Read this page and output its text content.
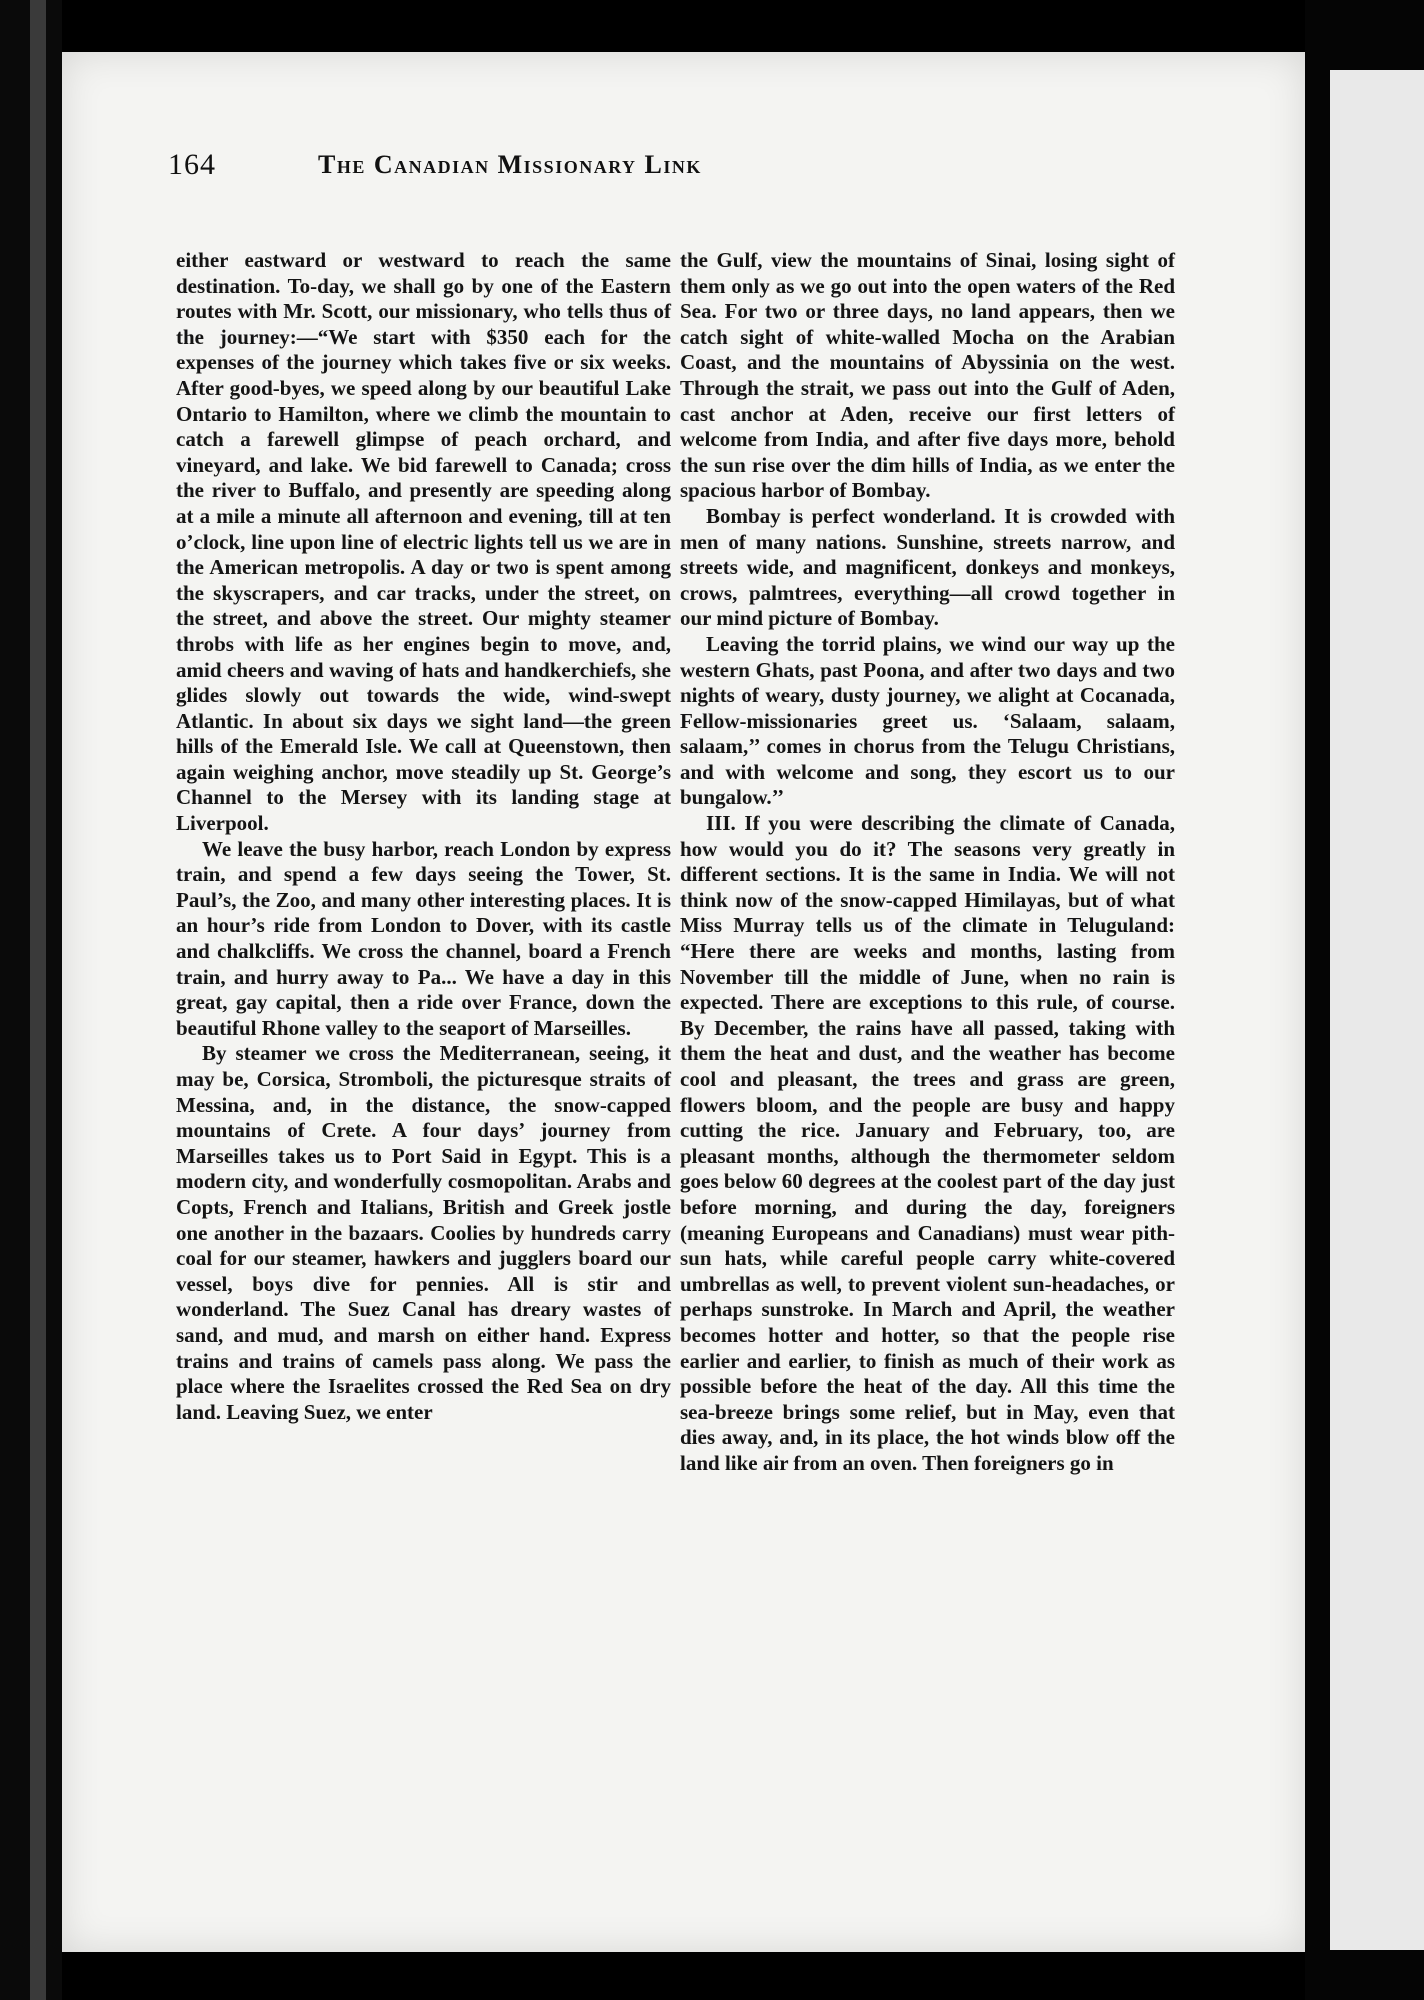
164	The Canadian Missionary Link

either eastward or westward to reach the same destination. To-day, we shall go by one of the Eastern routes with Mr. Scott, our missionary, who tells thus of the journey:—“We start with $350 each for the expenses of the journey which takes five or six weeks. After good-byes, we speed along by our beautiful Lake Ontario to Hamilton, where we climb the mountain to catch a farewell glimpse of peach orchard, and vineyard, and lake. We bid farewell to Canada; cross the river to Buffalo, and presently are speeding along at a mile a minute all afternoon and evening, till at ten o’clock, line upon line of electric lights tell us we are in the American metropolis. A day or two is spent among the skyscrapers, and car tracks, under the street, on the street, and above the street. Our mighty steamer throbs with life as her engines begin to move, and, amid cheers and waving of hats and handkerchiefs, she glides slowly out towards the wide, wind-swept Atlantic. In about six days we sight land—the green hills of the Emerald Isle. We call at Queenstown, then again weighing anchor, move steadily up St. George’s Channel to the Mersey with its landing stage at Liverpool.

We leave the busy harbor, reach London by express train, and spend a few days seeing the Tower, St. Paul’s, the Zoo, and many other interesting places. It is an hour’s ride from London to Dover, with its castle and chalkcliffs. We cross the channel, board a French train, and hurry away to Pa... We have a day in this great, gay capital, then a ride over France, down the beautiful Rhone valley to the seaport of Marseilles.

By steamer we cross the Mediterranean, seeing, it may be, Corsica, Stromboli, the picturesque straits of Messina, and, in the distance, the snow-capped mountains of Crete. A four days’ journey from Marseilles takes us to Port Said in Egypt. This is a modern city, and wonderfully cosmopolitan. Arabs and Copts, French and Italians, British and Greek jostle one another in the bazaars. Coolies by hundreds carry coal for our steamer, hawkers and jugglers board our vessel, boys dive for pennies. All is stir and wonderland. The Suez Canal has dreary wastes of sand, and mud, and marsh on either hand. Express trains and trains of camels pass along. We pass the place where the Israelites crossed the Red Sea on dry land. Leaving Suez, we enter

the Gulf, view the mountains of Sinai, losing sight of them only as we go out into the open waters of the Red Sea. For two or three days, no land appears, then we catch sight of white-walled Mocha on the Arabian Coast, and the mountains of Abyssinia on the west. Through the strait, we pass out into the Gulf of Aden, cast anchor at Aden, receive our first letters of welcome from India, and after five days more, behold the sun rise over the dim hills of India, as we enter the spacious harbor of Bombay.

Bombay is perfect wonderland. It is crowded with men of many nations. Sunshine, streets narrow, and streets wide, and magnificent, donkeys and monkeys, crows, palmtrees, everything—all crowd together in our mind picture of Bombay.

Leaving the torrid plains, we wind our way up the western Ghats, past Poona, and after two days and two nights of weary, dusty journey, we alight at Cocanada, Fellow-missionaries greet us. ‘Salaam, salaam, salaam,’’ comes in chorus from the Telugu Christians, and with welcome and song, they escort us to our bungalow.’’

III. If you were describing the climate of Canada, how would you do it? The seasons very greatly in different sections. It is the same in India. We will not think now of the snow-capped Himilayas, but of what Miss Murray tells us of the climate in Teluguland: “Here there are weeks and months, lasting from November till the middle of June, when no rain is expected. There are exceptions to this rule, of course. By December, the rains have all passed, taking with them the heat and dust, and the weather has become cool and pleasant, the trees and grass are green, flowers bloom, and the people are busy and happy cutting the rice. January and February, too, are pleasant months, although the thermometer seldom goes below 60 degrees at the coolest part of the day just before morning, and during the day, foreigners (meaning Europeans and Canadians) must wear pith-sun hats, while careful people carry white-covered umbrellas as well, to prevent violent sun-headaches, or perhaps sunstroke. In March and April, the weather becomes hotter and hotter, so that the people rise earlier and earlier, to finish as much of their work as possible before the heat of the day. All this time the sea-breeze brings some relief, but in May, even that dies away, and, in its place, the hot winds blow off the land like air from an oven. Then foreigners go in
